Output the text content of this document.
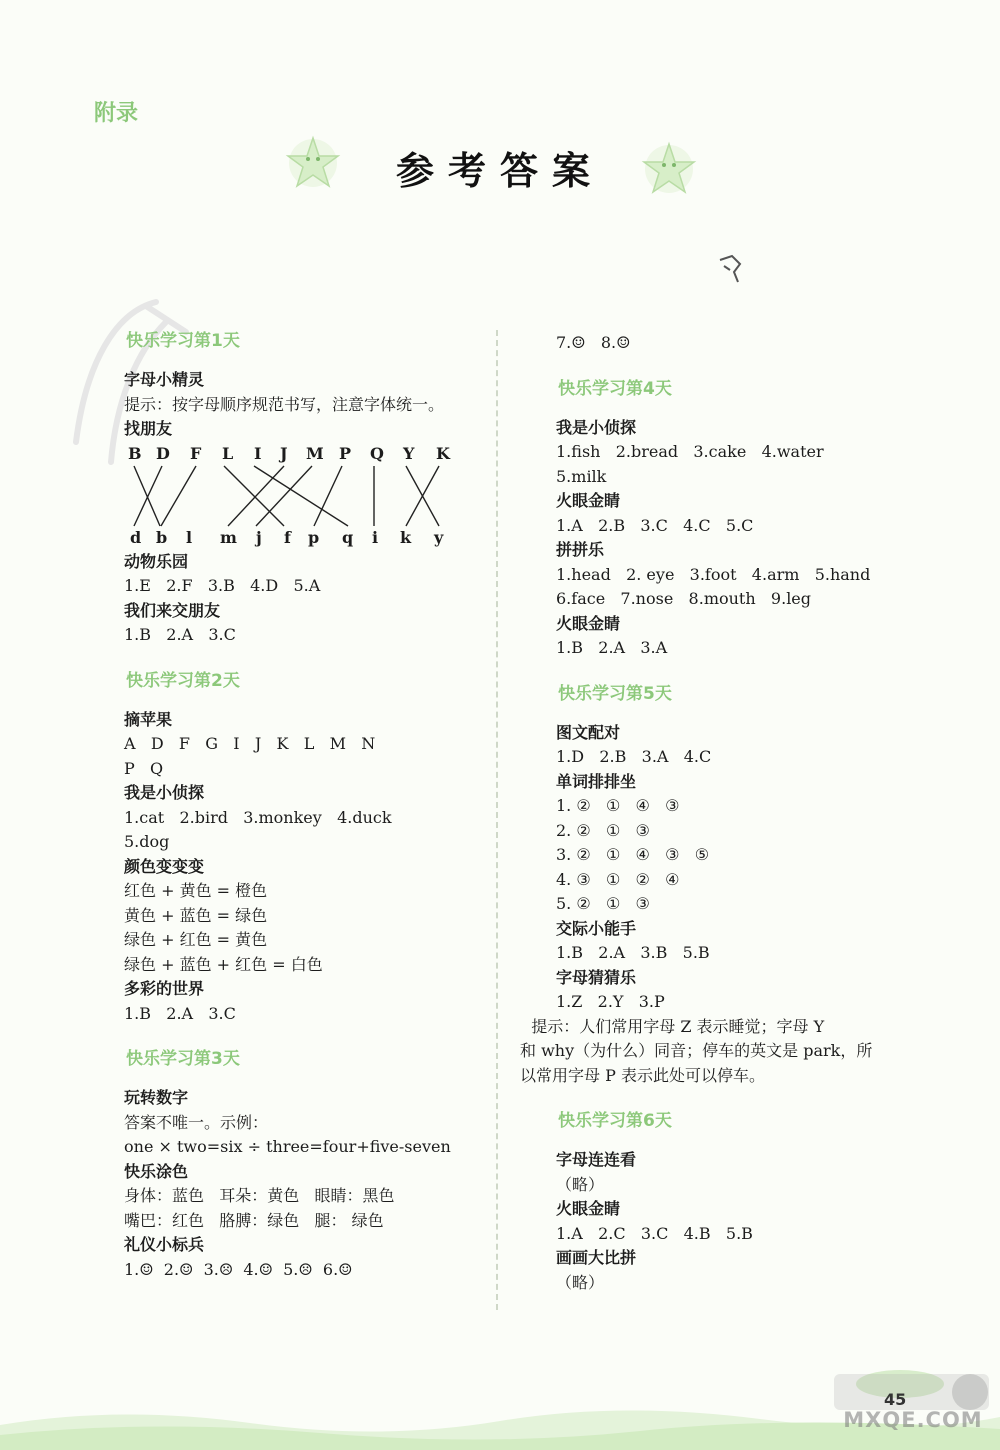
附录
参考答案
快乐学习第1天
字母小精灵
提示：按字母顺序规范书写，注意字体统一。
找朋友
B D F L I J M P Q Y K
d b l m j f p q i k y
动物乐园
1.E   2.F   3.B   4.D   5.A
我们来交朋友
1.B   2.A   3.C
快乐学习第2天
摘苹果
A   D   F   G   I   J   K   L   M   N
P   Q
我是小侦探
1.cat   2.bird   3.monkey   4.duck
5.dog
颜色变变变
红色 + 黄色 = 橙色
黄色 + 蓝色 = 绿色
绿色 + 红色 = 黄色
绿色 + 蓝色 + 红色 = 白色
多彩的世界
1.B   2.A   3.C
快乐学习第3天
玩转数字
答案不唯一。示例：
one × two=six ÷ three=four+five-seven
快乐涂色
身体：蓝色   耳朵：黄色   眼睛：黑色
嘴巴：红色   胳膊：绿色   腿： 绿色
礼仪小标兵
1.☺  2.☺  3.☹  4.☺  5.☹  6.☺
7.☺   8.☺
快乐学习第4天
我是小侦探
1.fish   2.bread   3.cake   4.water
5.milk
火眼金睛
1.A   2.B   3.C   4.C   5.C
拼拼乐
1.head   2. eye   3.foot   4.arm   5.hand
6.face   7.nose   8.mouth   9.leg
火眼金睛
1.B   2.A   3.A
快乐学习第5天
图文配对
1.D   2.B   3.A   4.C
单词排排坐
1. ②   ①   ④   ③
2. ②   ①   ③
3. ②   ①   ④   ③   ⑤
4. ③   ①   ②   ④
5. ②   ①   ③
交际小能手
1.B   2.A   3.B   5.B
字母猜猜乐
1.Z   2.Y   3.P
提示：人们常用字母 Z 表示睡觉；字母 Y
和 why（为什么）同音；停车的英文是 park，所
以常用字母 P 表示此处可以停车。
快乐学习第6天
字母连连看
（略）
火眼金睛
1.A   2.C   3.C   4.B   5.B
画画大比拼
（略）
45
MXQE.COM
